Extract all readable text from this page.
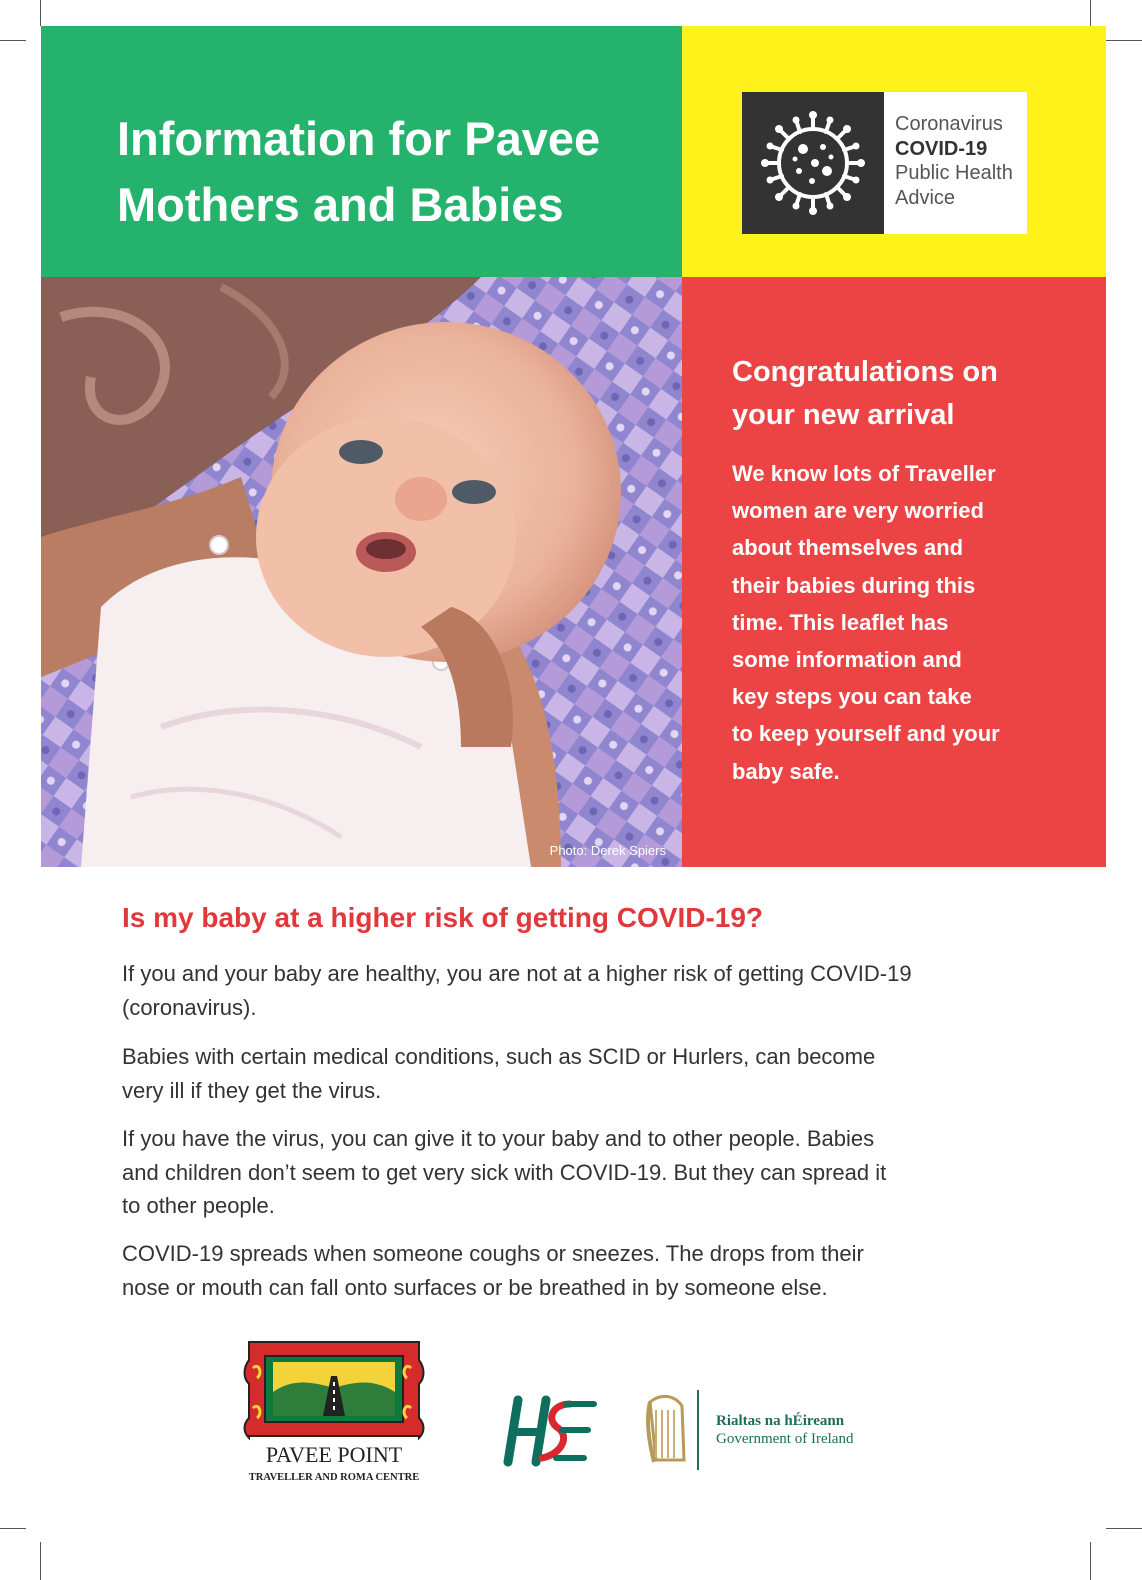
Information for Pavee
Mothers and Babies
Coronavirus
COVID-19
Public Health
Advice
Photo: Derek Spiers
Congratulations on
your new arrival
We know lots of Traveller
women are very worried
about themselves and
their babies during this
time. This leaflet has
some information and
key steps you can take
to keep yourself and your
baby safe.
Is my baby at a higher risk of getting COVID-19?
If you and your baby are healthy, you are not at a higher risk of getting COVID-19
(coronavirus).
Babies with certain medical conditions, such as SCID or Hurlers, can become
very ill if they get the virus.
If you have the virus, you can give it to your baby and to other people. Babies
and children don’t seem to get very sick with COVID-19. But they can spread it
to other people.
COVID-19 spreads when someone coughs or sneezes. The drops from their
nose or mouth can fall onto surfaces or be breathed in by someone else.
PAVEE POINT
TRAVELLER AND ROMA CENTRE
Rialtas na hÉireann
Government of Ireland
